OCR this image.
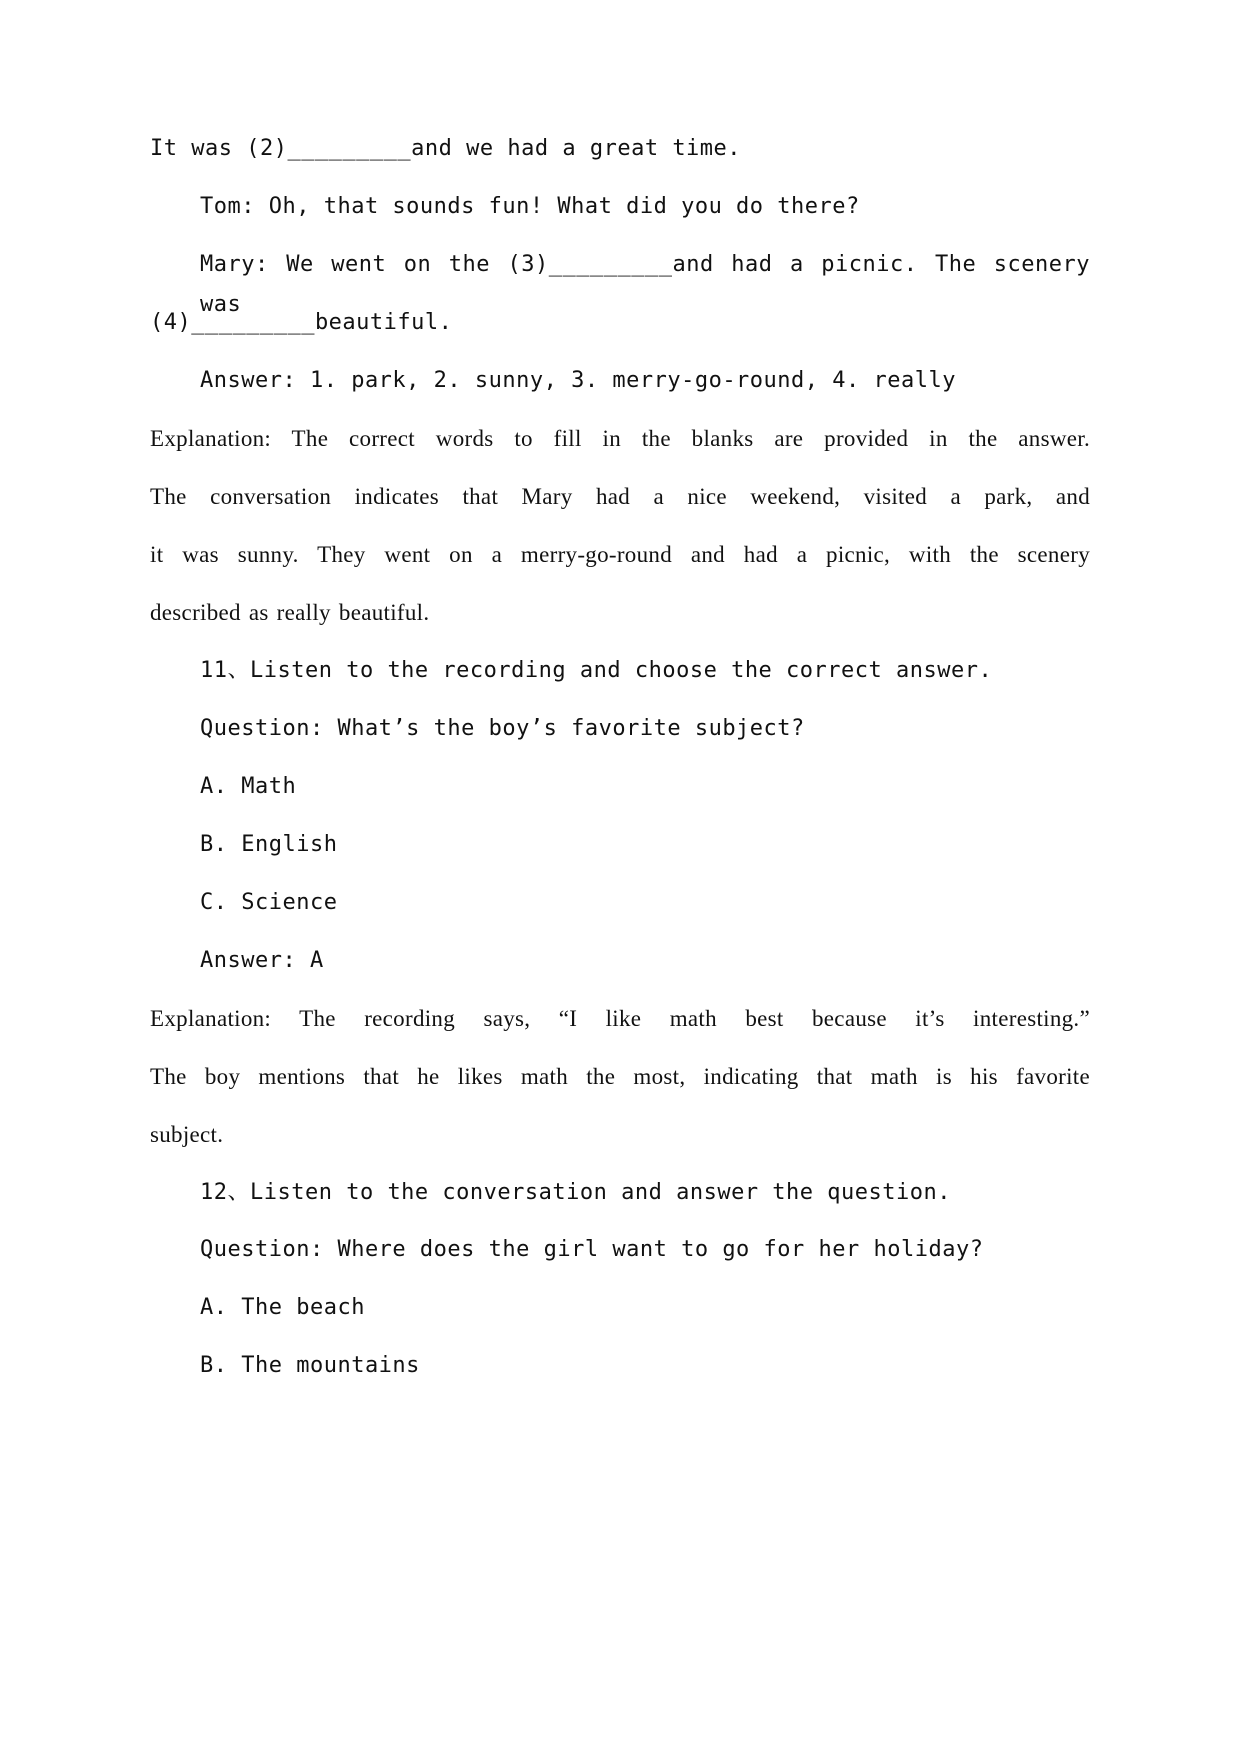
It was (2)_________and we had a great time.
Tom: Oh, that sounds fun! What did you do there?
Mary: We went on the (3)_________and had a picnic. The scenery was
(4)_________beautiful.
Answer: 1. park, 2. sunny, 3. merry-go-round, 4. really
Explanation: The correct words to fill in the blanks are provided in the answer.
The conversation indicates that Mary had a nice weekend, visited a park, and
it was sunny. They went on a merry-go-round and had a picnic, with the scenery
described as really beautiful.
11、Listen to the recording and choose the correct answer.
Question: What’s the boy’s favorite subject?
A. Math
B. English
C. Science
Answer: A
Explanation: The recording says, “I like math best because it’s interesting.”
The boy mentions that he likes math the most, indicating that math is his favorite
subject.
12、Listen to the conversation and answer the question.
Question: Where does the girl want to go for her holiday?
A. The beach
B. The mountains
